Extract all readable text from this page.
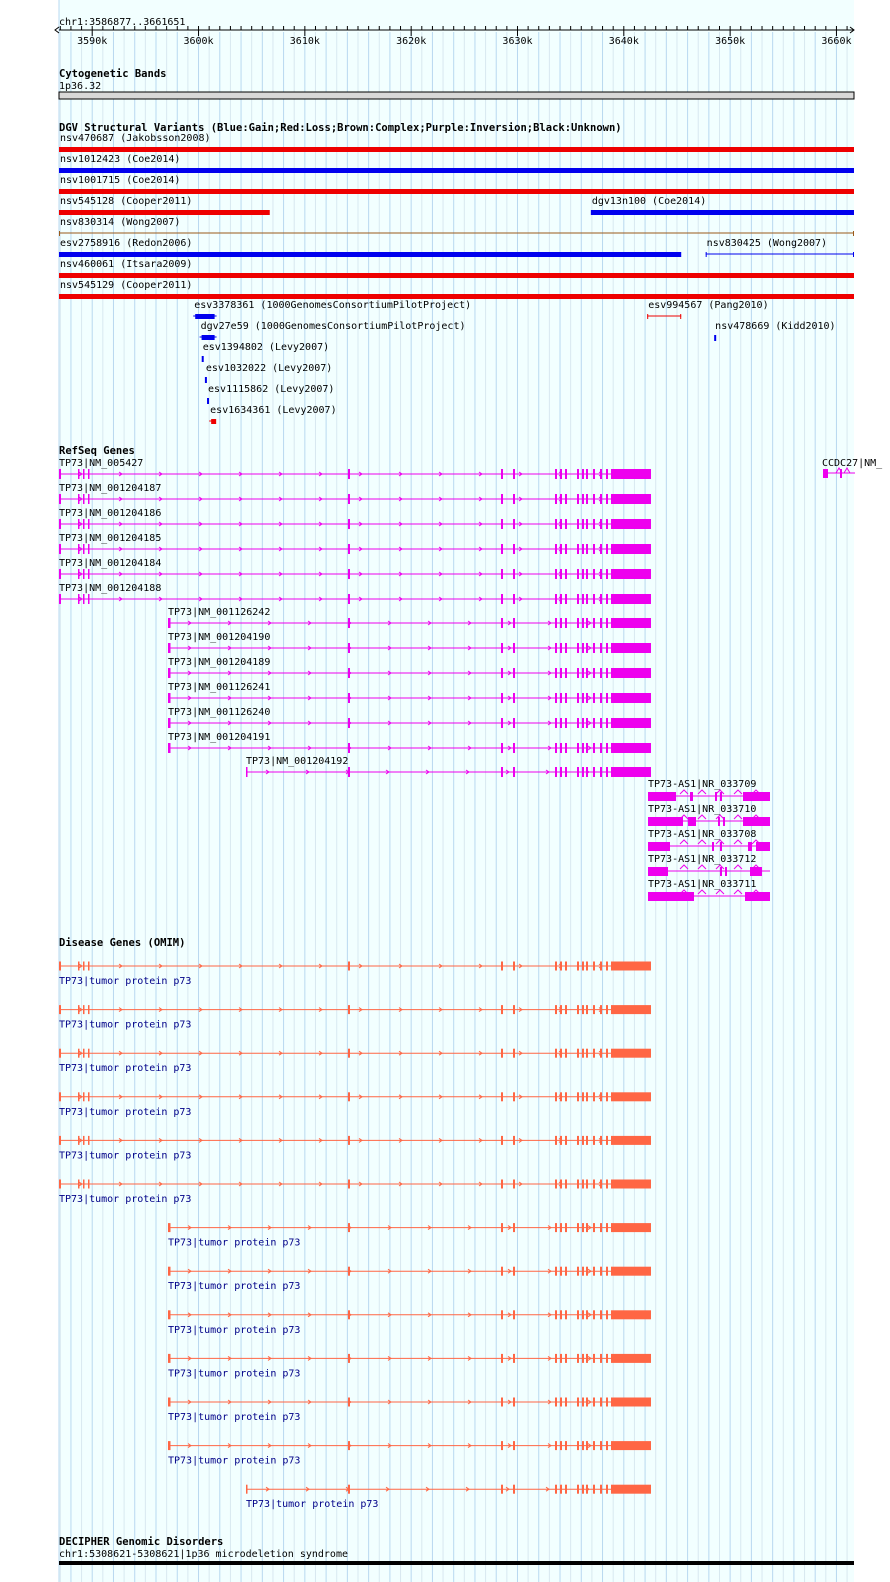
chr1:3586877..3661651
3590k	3600k	3610k	3620k	3630k	3640k	3650k	3660k
Cytogenetic Bands
1p36.32
DGV Structural Variants (Blue:Gain;Red:Loss;Brown:Complex;Purple:Inversion;Black:Unknown)
nsv470687 (Jakobsson2008)
nsv1012423 (Coe2014)
nsv1001715 (Coe2014)
nsv545128 (Cooper2011)	dgv13n100 (Coe2014)
nsv830314 (Wong2007)
esv2758916 (Redon2006)	nsv830425 (Wong2007)
nsv460061 (Itsara2009)
nsv545129 (Cooper2011)
esv3378361 (1000GenomesConsortiumPilotProject)	esv994567 (Pang2010)
dgv27e59 (1000GenomesConsortiumPilotProject)	nsv478669 (Kidd2010)
esv1394802 (Levy2007)
esv1032022 (Levy2007)
esv1115862 (Levy2007)
esv1634361 (Levy2007)
RefSeq Genes
TP73|NM_005427
TP73|NM_001204187
TP73|NM_001204186
TP73|NM_001204185
TP73|NM_001204184
TP73|NM_001204188
TP73|NM_001126242
TP73|NM_001204190
TP73|NM_001204189
TP73|NM_001126241
TP73|NM_001126240
TP73|NM_001204191
TP73|NM_001204192
CCDC27|NM_
TP73-AS1|NR_033709
TP73-AS1|NR_033710
TP73-AS1|NR_033708
TP73-AS1|NR_033712
TP73-AS1|NR_033711
Disease Genes (OMIM)
TP73|tumor protein p73
TP73|tumor protein p73
TP73|tumor protein p73
TP73|tumor protein p73
TP73|tumor protein p73
TP73|tumor protein p73
TP73|tumor protein p73
TP73|tumor protein p73
TP73|tumor protein p73
TP73|tumor protein p73
TP73|tumor protein p73
TP73|tumor protein p73
TP73|tumor protein p73
DECIPHER Genomic Disorders
chr1:5308621-5308621|1p36 microdeletion syndrome
